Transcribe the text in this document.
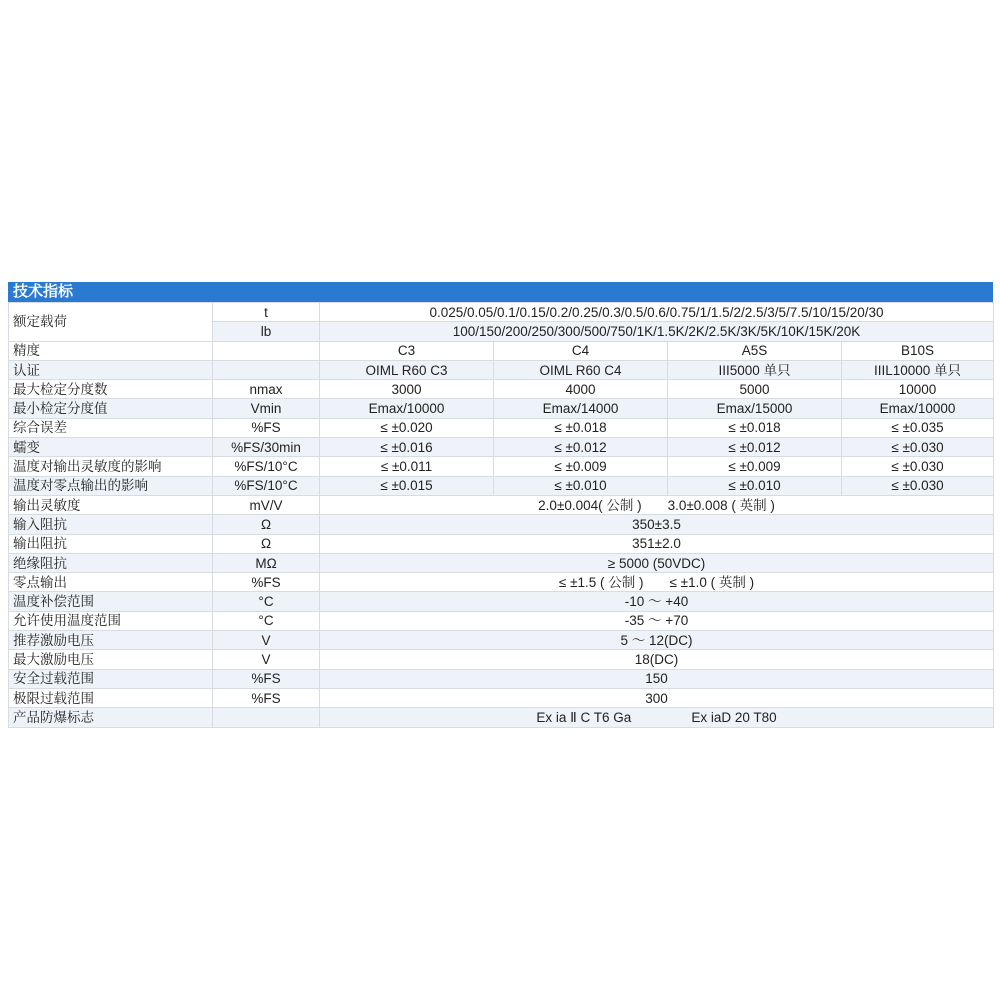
技术指标
额定载荷	t	0.025/0.05/0.1/0.15/0.2/0.25/0.3/0.5/0.6/0.75/1/1.5/2/2.5/3/5/7.5/10/15/20/30			
	lb	100/150/200/250/300/500/750/1K/1.5K/2K/2.5K/3K/5K/10K/15K/20K			
精度		C3	C4	A5S	B10S
认证		OIML R60 C3	OIML R60 C4	III5000 单只	IIIL10000 单只
最大检定分度数	nmax	3000	4000	5000	10000
最小检定分度值	Vmin	Emax/10000	Emax/14000	Emax/15000	Emax/10000
综合误差	%FS	≤ ±0.020	≤ ±0.018	≤ ±0.018	≤ ±0.035
蠕变	%FS/30min	≤ ±0.016	≤ ±0.012	≤ ±0.012	≤ ±0.030
温度对输出灵敏度的影响	%FS/10°C	≤ ±0.011	≤ ±0.009	≤ ±0.009	≤ ±0.030
温度对零点输出的影响	%FS/10°C	≤ ±0.015	≤ ±0.010	≤ ±0.010	≤ ±0.030
输出灵敏度	mV/V	2.0±0.004( 公制 ) 3.0±0.008 ( 英制 )			
输入阻抗	Ω	350±3.5			
输出阻抗	Ω	351±2.0			
绝缘阻抗	MΩ	≥ 5000 (50VDC)			
零点输出	%FS	≤ ±1.5 ( 公制 ) ≤ ±1.0 ( 英制 )			
温度补偿范围	°C	-10 ～ +40			
允许使用温度范围	°C	-35 ～ +70			
推荐激励电压	V	5 ～ 12(DC)			
最大激励电压	V	18(DC)			
安全过载范围	%FS	150			
极限过载范围	%FS	300			
产品防爆标志		Ex ia Ⅱ C T6 Ga Ex iaD 20 T80			
